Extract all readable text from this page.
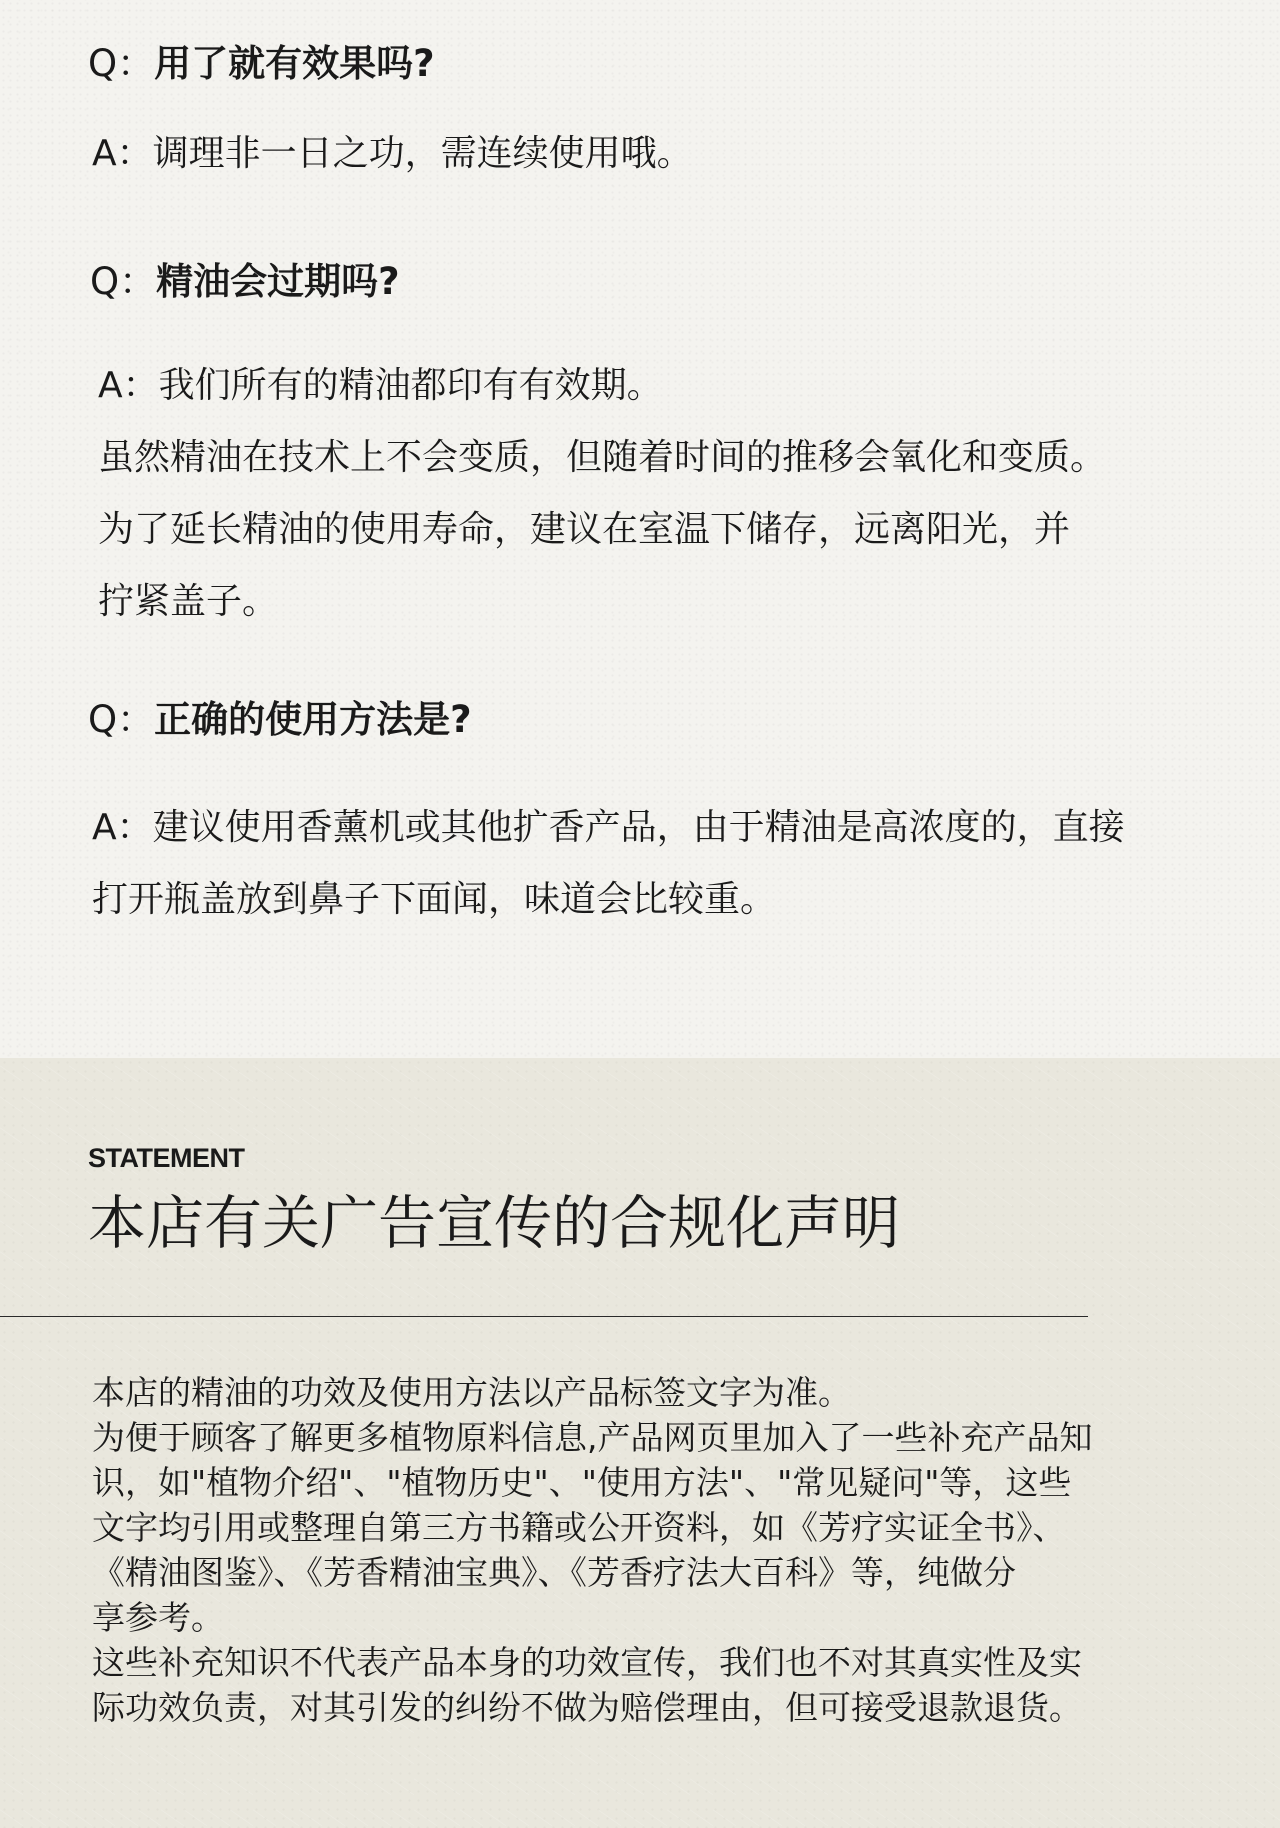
Q：用了就有效果吗?
A：调理非一日之功，需连续使用哦。
Q：精油会过期吗?
A：我们所有的精油都印有有效期。
虽然精油在技术上不会变质，但随着时间的推移会氧化和变质。
为了延长精油的使用寿命，建议在室温下储存，远离阳光，并
拧紧盖子。
Q：正确的使用方法是?
A：建议使用香薰机或其他扩香产品，由于精油是高浓度的，直接
打开瓶盖放到鼻子下面闻，味道会比较重。
STATEMENT
本店有关广告宣传的合规化声明
本店的精油的功效及使用方法以产品标签文字为准。
为便于顾客了解更多植物原料信息,产品网页里加入了一些补充产品知
识，如"植物介绍"、"植物历史"、"使用方法"、"常见疑问"等，这些
文字均引用或整理自第三方书籍或公开资料，如《芳疗实证全书》、
《精油图鉴》、《芳香精油宝典》、《芳香疗法大百科》等，纯做分
享参考。
这些补充知识不代表产品本身的功效宣传，我们也不对其真实性及实
际功效负责，对其引发的纠纷不做为赔偿理由，但可接受退款退货。
